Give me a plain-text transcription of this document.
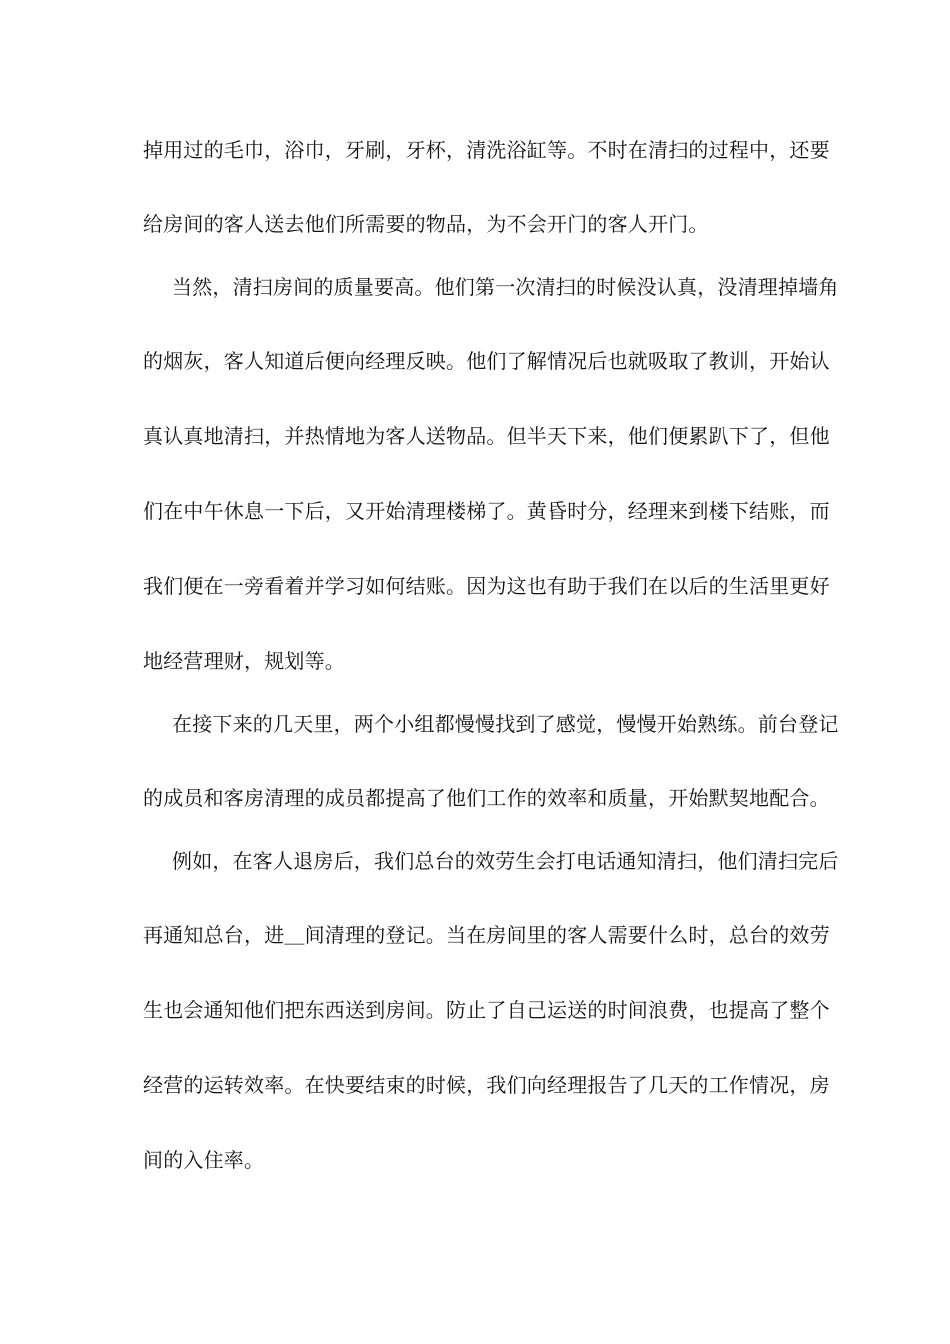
掉用过的毛巾，浴巾，牙刷，牙杯，清洗浴缸等。不时在清扫的过程中，还要
给房间的客人送去他们所需要的物品，为不会开门的客人开门。
当然，清扫房间的质量要高。他们第一次清扫的时候没认真，没清理掉墙角
的烟灰，客人知道后便向经理反映。他们了解情况后也就吸取了教训，开始认
真认真地清扫，并热情地为客人送物品。但半天下来，他们便累趴下了，但他
们在中午休息一下后，又开始清理楼梯了。黄昏时分，经理来到楼下结账，而
我们便在一旁看着并学习如何结账。因为这也有助于我们在以后的生活里更好
地经营理财，规划等。
在接下来的几天里，两个小组都慢慢找到了感觉，慢慢开始熟练。前台登记
的成员和客房清理的成员都提高了他们工作的效率和质量，开始默契地配合。
例如，在客人退房后，我们总台的效劳生会打电话通知清扫，他们清扫完后
再通知总台，进＿间清理的登记。当在房间里的客人需要什么时，总台的效劳
生也会通知他们把东西送到房间。防止了自己运送的时间浪费，也提高了整个
经营的运转效率。在快要结束的时候，我们向经理报告了几天的工作情况，房
间的入住率。
